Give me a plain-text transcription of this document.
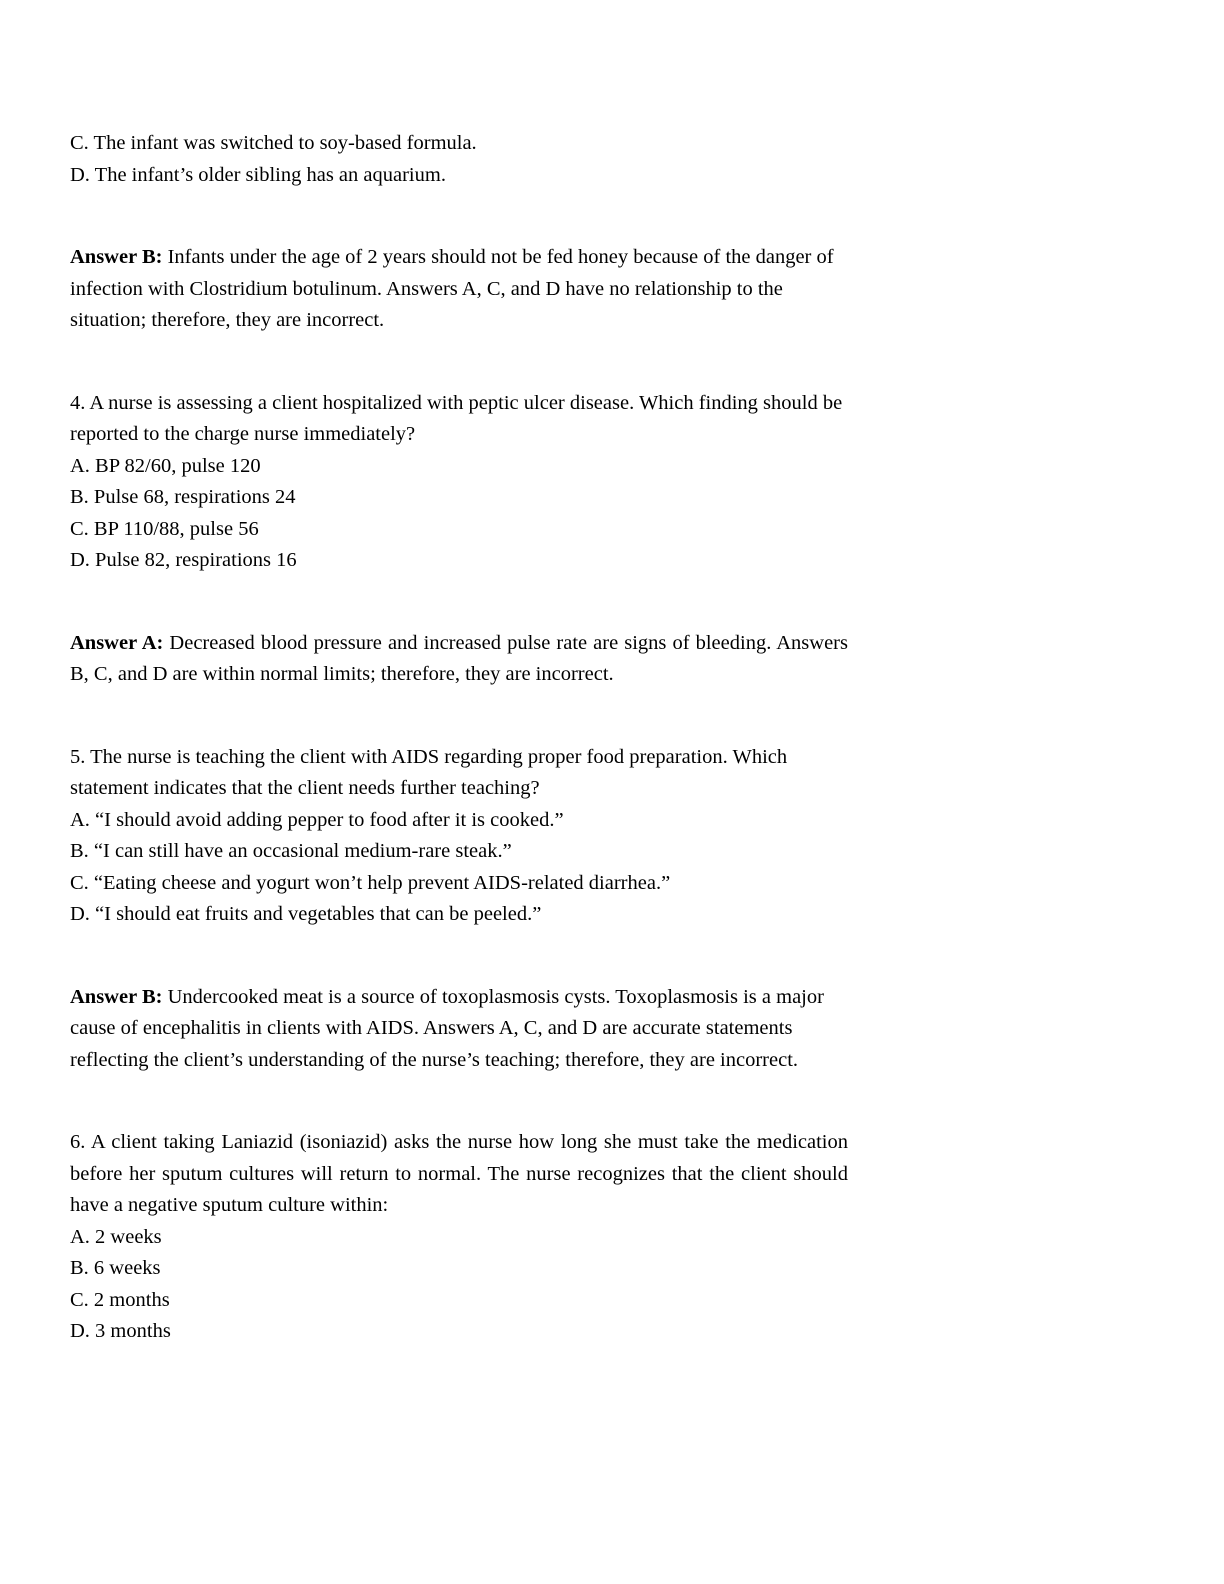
C. The infant was switched to soy-based formula.
D. The infant’s older sibling has an aquarium.

Answer B: Infants under the age of 2 years should not be fed honey because of the danger of infection with Clostridium botulinum. Answers A, C, and D have no relationship to the situation; therefore, they are incorrect.

4. A nurse is assessing a client hospitalized with peptic ulcer disease. Which finding should be reported to the charge nurse immediately?
A. BP 82/60, pulse 120
B. Pulse 68, respirations 24
C. BP 110/88, pulse 56
D. Pulse 82, respirations 16

Answer A: Decreased blood pressure and increased pulse rate are signs of bleeding. Answers B, C, and D are within normal limits; therefore, they are incorrect.

5. The nurse is teaching the client with AIDS regarding proper food preparation. Which statement indicates that the client needs further teaching?
A. “I should avoid adding pepper to food after it is cooked.”
B. “I can still have an occasional medium-rare steak.”
C. “Eating cheese and yogurt won’t help prevent AIDS-related diarrhea.”
D. “I should eat fruits and vegetables that can be peeled.”

Answer B: Undercooked meat is a source of toxoplasmosis cysts. Toxoplasmosis is a major cause of encephalitis in clients with AIDS. Answers A, C, and D are accurate statements reflecting the client’s understanding of the nurse’s teaching; therefore, they are incorrect.

6. A client taking Laniazid (isoniazid) asks the nurse how long she must take the medication before her sputum cultures will return to normal. The nurse recognizes that the client should have a negative sputum culture within:
A. 2 weeks
B. 6 weeks
C. 2 months
D. 3 months
